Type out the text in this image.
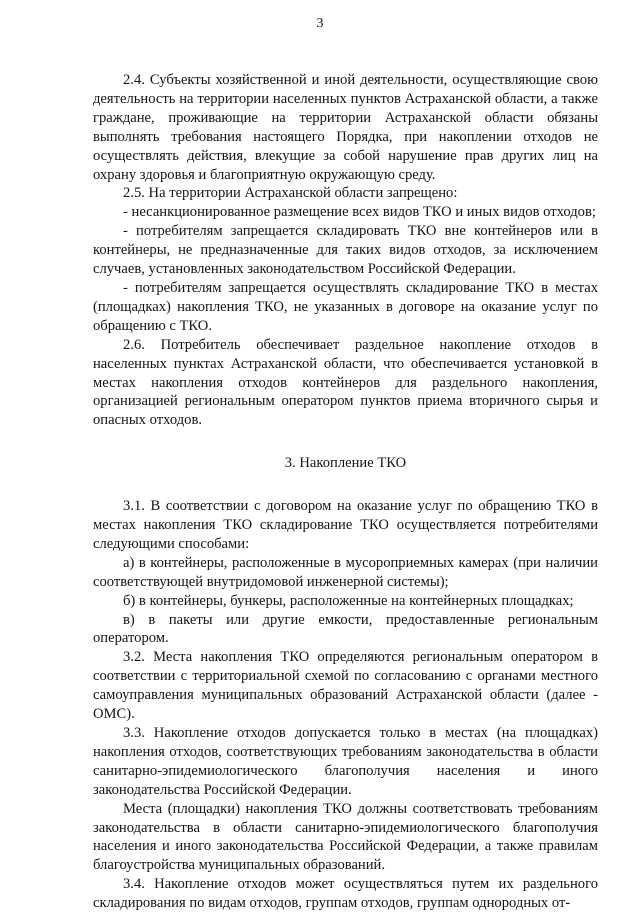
3

2.4. Субъекты хозяйственной и иной деятельности, осуществляющие свою деятельность на территории населенных пунктов Астраханской области, а также граждане, проживающие на территории Астраханской области обязаны выполнять требования настоящего Порядка, при накоплении отходов не осуществлять действия, влекущие за собой нарушение прав других лиц на охрану здоровья и благоприятную окружающую среду.

2.5. На территории Астраханской области запрещено:

- несанкционированное размещение всех видов ТКО и иных видов отходов;

- потребителям запрещается складировать ТКО вне контейнеров или в контейнеры, не предназначенные для таких видов отходов, за исключением случаев, установленных законодательством Российской Федерации.

- потребителям запрещается осуществлять складирование ТКО в местах (площадках) накопления ТКО, не указанных в договоре на оказание услуг по обращению с ТКО.

2.6. Потребитель обеспечивает раздельное накопление отходов в населенных пунктах Астраханской области, что обеспечивается установкой в местах накопления отходов контейнеров для раздельного накопления, организацией региональным оператором пунктов приема вторичного сырья и опасных отходов.

3. Накопление ТКО

3.1. В соответствии с договором на оказание услуг по обращению ТКО в местах накопления ТКО складирование ТКО осуществляется потребителями следующими способами:

а) в контейнеры, расположенные в мусороприемных камерах (при наличии соответствующей внутридомовой инженерной системы);

б) в контейнеры, бункеры, расположенные на контейнерных площадках;

в) в пакеты или другие емкости, предоставленные региональным оператором.

3.2. Места накопления ТКО определяются региональным оператором в соответствии с территориальной схемой по согласованию с органами местного самоуправления муниципальных образований Астраханской области (далее - ОМС).

3.3. Накопление отходов допускается только в местах (на площадках) накопления отходов, соответствующих требованиям законодательства в области санитарно-эпидемиологического благополучия населения и иного законодательства Российской Федерации.

Места (площадки) накопления ТКО должны соответствовать требованиям законодательства в области санитарно-эпидемиологического благополучия населения и иного законодательства Российской Федерации, а также правилам благоустройства муниципальных образований.

3.4. Накопление отходов может осуществляться путем их раздельного складирования по видам отходов, группам отходов, группам однородных от-
